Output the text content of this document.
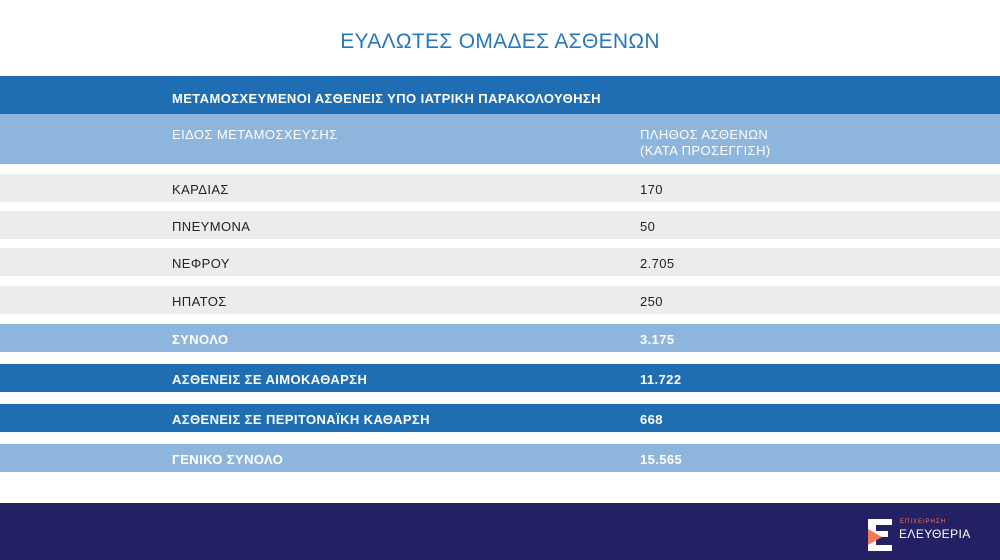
ΕΥΑΛΩΤΕΣ ΟΜΑΔΕΣ ΑΣΘΕΝΩΝ
ΜΕΤΑΜΟΣΧΕΥΜΕΝΟΙ ΑΣΘΕΝΕΙΣ ΥΠΟ ΙΑΤΡΙΚΗ ΠΑΡΑΚΟΛΟΥΘΗΣΗ
ΕΙΔΟΣ ΜΕΤΑΜΟΣΧΕΥΣΗΣ	ΠΛΗΘΟΣ ΑΣΘΕΝΩΝ
(ΚΑΤΑ ΠΡΟΣΕΓΓΙΣΗ)
ΚΑΡΔΙΑΣ	170
ΠΝΕΥΜΟΝΑ	50
ΝΕΦΡΟΥ	2.705
ΗΠΑΤΟΣ	250
ΣΥΝΟΛΟ	3.175
ΑΣΘΕΝΕΙΣ ΣΕ ΑΙΜΟΚΑΘΑΡΣΗ	11.722
ΑΣΘΕΝΕΙΣ ΣΕ ΠΕΡΙΤΟΝΑΪΚΗ ΚΑΘΑΡΣΗ	668
ΓΕΝΙΚΟ ΣΥΝΟΛΟ	15.565
ΕΠΙΧΕΙΡΗΣΗ
ΕΛΕΥΘΕΡΙΑ
